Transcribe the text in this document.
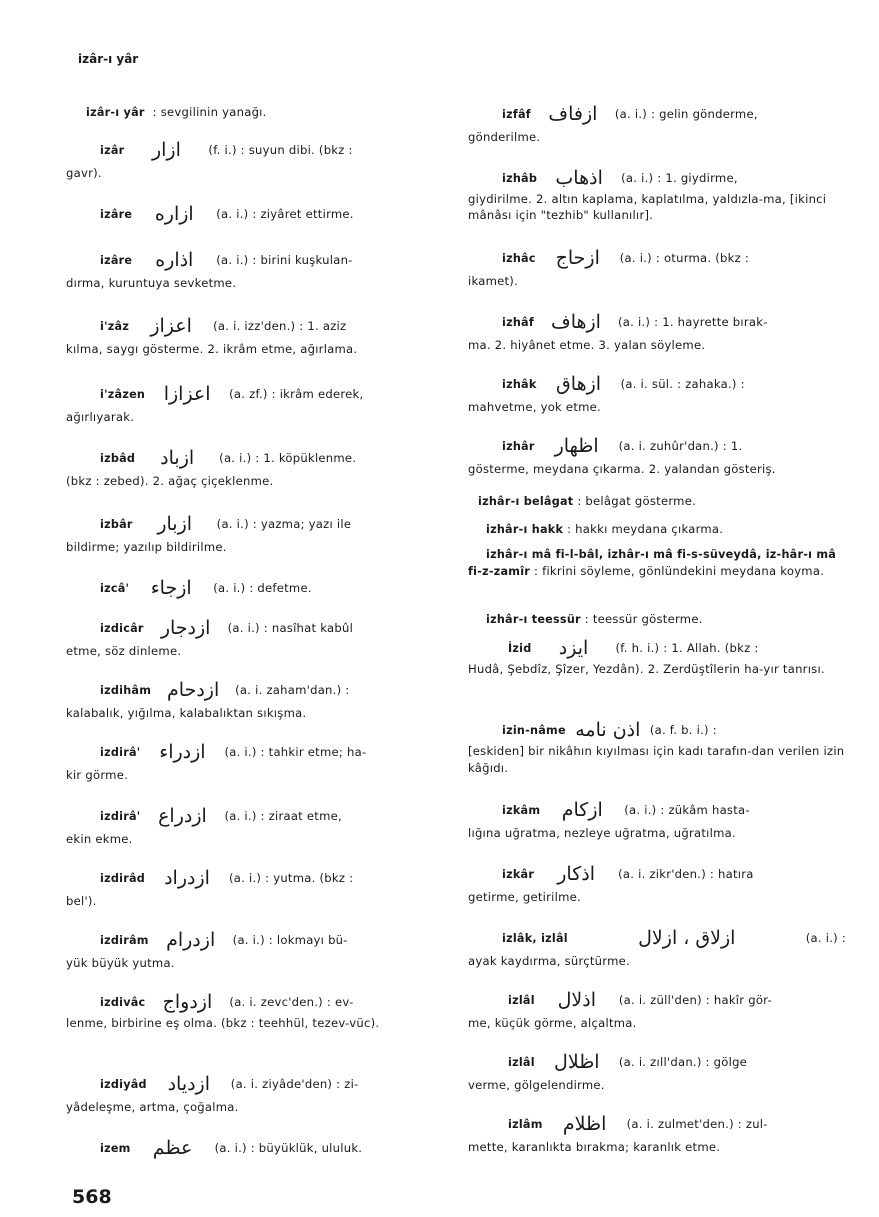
izâr-ı yâr
izâr-ı yâr : sevgilinin yanağı.
izâr	ازار	(f. i.) : suyun dibi. (bkz :

gavr).

izâre	ازاره	(a. i.) : ziyâret ettirme.
izâre	اذاره	(a. i.) : birini kuşkulan-

dırma, kuruntuya sevketme.

i'zâz	اعزاز	(a. i. izz'den.) : 1. aziz

kılma, saygı gösterme. 2. ikrâm etme, ağırlama.

i'zâzen اعزازا	(a. zf.) : ikrâm ederek,

ağırlıyarak.

izbâd	ازباد	(a. i.) : 1. köpüklenme.

(bkz : zebed). 2. ağaç çiçeklenme.

izbâr	ازبار	(a. i.) : yazma; yazı ile

bildirme; yazılıp bildirilme.

izcâ'	ازجاء	(a. i.) : defetme.
izdicâr ازدجار	(a. i.) : nasîhat kabûl

etme, söz dinleme.

izdihâm ازدحام	(a. i. zaham'dan.) :

kalabalık, yığılma, kalabalıktan sıkışma.

izdirâ' ازدراء	(a. i.) : tahkir etme; ha-

kir görme.

izdirâ' ازدراع	(a. i.) : ziraat etme,

ekin ekme.

izdirâd	ازدراد	(a. i.) : yutma. (bkz :

bel').

izdirâm ازدرام	(a. i.) : lokmayı bü-

yük büyük yutma.

izdivâc ازدواج	(a. i. zevc'den.) : ev-

lenme, birbirine eş olma. (bkz : teehhül, tezev-vüc).

izdiyâd	ازدیاد	(a. i. ziyâde'den) : zi-

yâdeleşme, artma, çoğalma.

izem	عظم	(a. i.) : büyüklük, ululuk.
izfâf ازفاف	(a. i.) : gelin gönderme,

gönderilme.

izhâb اذهاب	(a. i.) : 1. giydirme,

giydirilme. 2. altın kaplama, kaplatılma, yaldızla-ma, [ikinci mânâsı için "tezhib" kullanılır].

izhâc	ازحاج	(a. i.) : oturma. (bkz :

ikamet).

izhâf ازهاف	(a. i.) : 1. hayrette bırak-

ma. 2. hiyânet etme. 3. yalan söyleme.

izhâk	ازهاق	(a. i. sül. : zahaka.) :

mahvetme, yok etme.

izhâr	اظهار	(a. i. zuhûr'dan.) : 1.

gösterme, meydana çıkarma. 2. yalandan gösteriş.

izhâr-ı belâgat : belâgat gösterme.
izhâr-ı hakk : hakkı meydana çıkarma.
izhâr-ı mâ fi-l-bâl, izhâr-ı mâ fi-s-süveydâ, iz-hâr-ı mâ fi-z-zamîr : fikrini söyleme, gönlündekini meydana koyma.
izhâr-ı teessür : teessür gösterme.
İzid	ایزد	(f. h. i.) : 1. Allah. (bkz :

Hudâ, Şebdîz, Şîzer, Yezdân). 2. Zerdüştîlerin ha-yır tanrısı.

izin-nâme اذن نامه (a. f. b. i.) :

[eskiden] bir nikâhın kıyılması için kadı tarafın-dan verilen izin kâğıdı.

izkâm	ازکام	(a. i.) : zükâm hasta-

lığına uğratma, nezleye uğratma, uğratılma.

izkâr	اذكار	(a. i. zikr'den.) : hatıra

getirme, getirilme.

izlâk, izlâl	ازلاق ، ازلال	(a. i.) :

ayak kaydırma, sürçtürme.

izlâl	اذلال	(a. i. züll'den) : hakîr gör-

me, küçük görme, alçaltma.

izlâl	اظلال	(a. i. zıll'dan.) : gölge

verme, gölgelendirme.

izlâm	اظلام	(a. i. zulmet'den.) : zul-

mette, karanlıkta bırakma; karanlık etme.

568
